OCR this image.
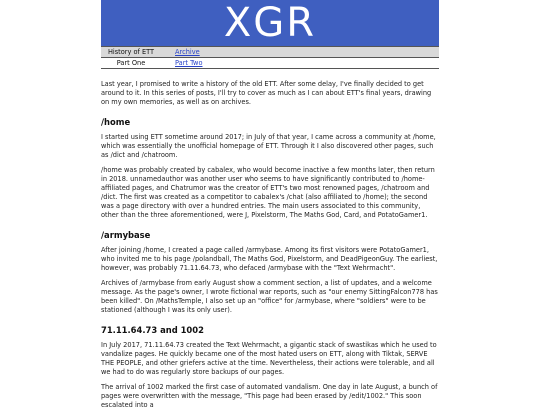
XGR
History of ETT	Archive
Part One	Part Two

Last year, I promised to write a history of the old ETT. After some delay, I've finally decided to get around to it. In this series of posts, I'll try to cover as much as I can about ETT's final years, drawing on my own memories, as well as on archives.

/home

I started using ETT sometime around 2017; in July of that year, I came across a community at /home, which was essentially the unofficial homepage of ETT. Through it I also discovered other pages, such as /dict and /chatroom.

/home was probably created by cabalex, who would become inactive a few months later, then return in 2018. unnamedauthor was another user who seems to have significantly contributed to /home-affiliated pages, and Chatrumor was the creator of ETT's two most renowned pages, /chatroom and /dict. The first was created as a competitor to cabalex's /chat (also affiliated to /home); the second was a page directory with over a hundred entries. The main users associated to this community, other than the three aforementioned, were J, Pixelstorm, The Maths God, Card, and PotatoGamer1.

/armybase

After joining /home, I created a page called /armybase. Among its first visitors were PotatoGamer1, who invited me to his page /polandball, The Maths God, Pixelstorm, and DeadPigeonGuy. The earliest, however, was probably 71.11.64.73, who defaced /armybase with the "Text Wehrmacht".

Archives of /armybase from early August show a comment section, a list of updates, and a welcome message. As the page's owner, I wrote fictional war reports, such as "our enemy SittingFalcon778 has been killed". On /MathsTemple, I also set up an "office" for /armybase, where "soldiers" were to be stationed (although I was its only user).

71.11.64.73 and 1002

In July 2017, 71.11.64.73 created the Text Wehrmacht, a gigantic stack of swastikas which he used to vandalize pages. He quickly became one of the most hated users on ETT, along with Tiktak, SERVE THE PEOPLE, and other griefers active at the time. Nevertheless, their actions were tolerable, and all we had to do was regularly store backups of our pages.

The arrival of 1002 marked the first case of automated vandalism. One day in late August, a bunch of pages were overwritten with the message, "This page had been erased by /edit/1002." This soon escalated into a
